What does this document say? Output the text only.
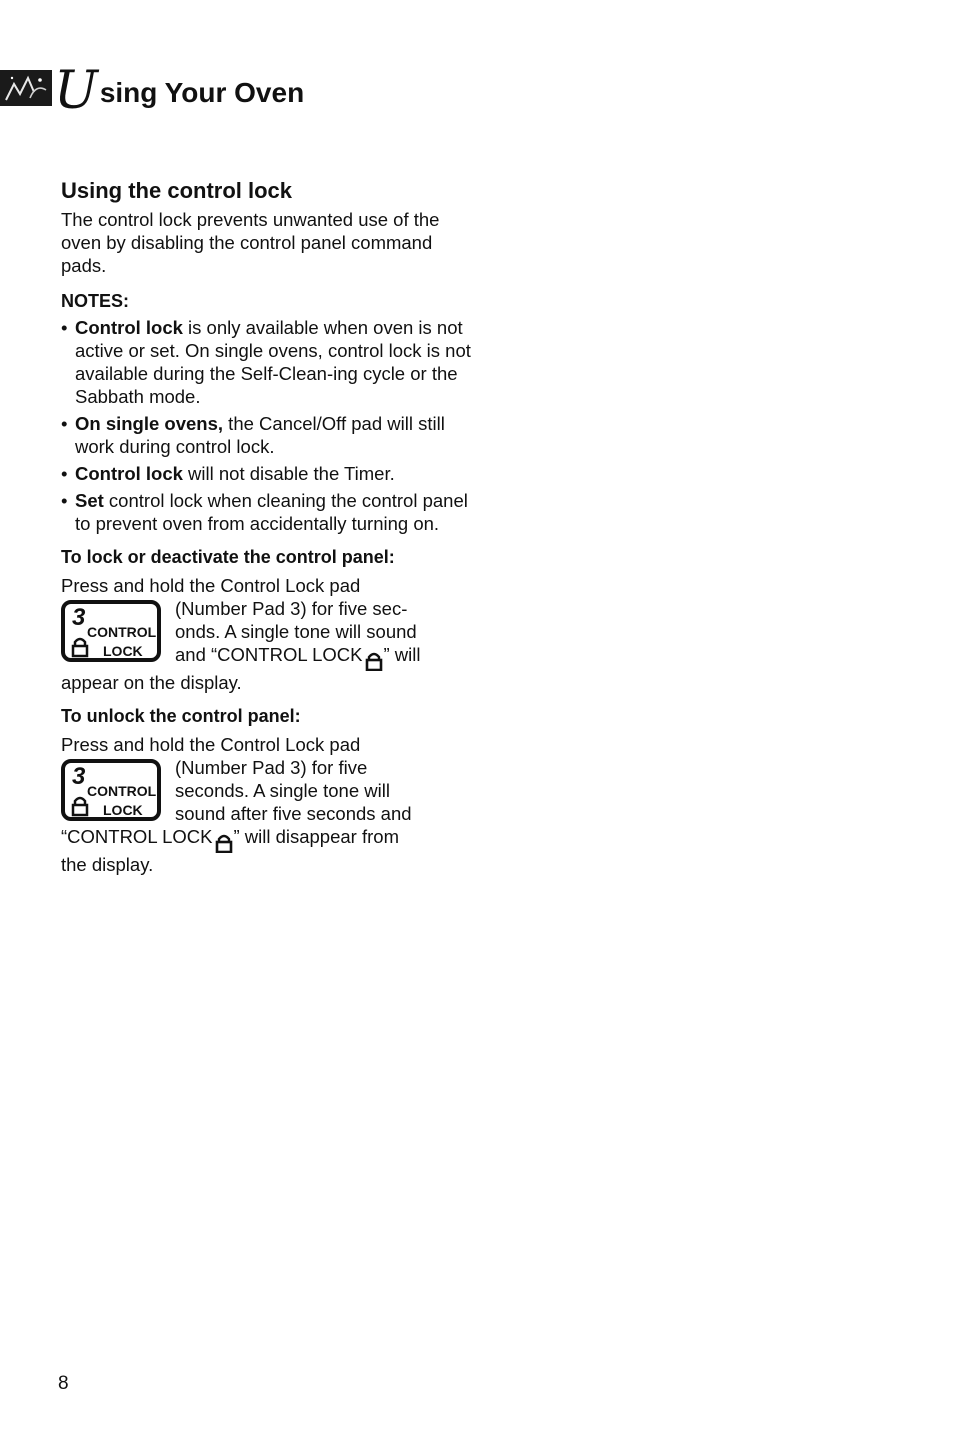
U sing Your Oven
Using the control lock

The control lock prevents unwanted use of the oven by disabling the control panel command pads.

NOTES:
• Control lock is only available when oven is not active or set. On single ovens, control lock is not available during the Self-Clean-ing cycle or the Sabbath mode.
• On single ovens, the Cancel/Off pad will still work during control lock.
• Control lock will not disable the Timer.
• Set control lock when cleaning the control panel to prevent oven from accidentally turning on.
To lock or deactivate the control panel:
3
CONTROL
LOCK
Press and hold the Control Lock pad
(Number Pad 3) for five sec-
onds. A single tone will sound
and “CONTROL LOCK ” will
appear on the display.
To unlock the control panel:
3
CONTROL
LOCK
Press and hold the Control Lock pad
(Number Pad 3) for five
seconds. A single tone will
sound after five seconds and
“CONTROL LOCK ” will disappear from
the display.
8
